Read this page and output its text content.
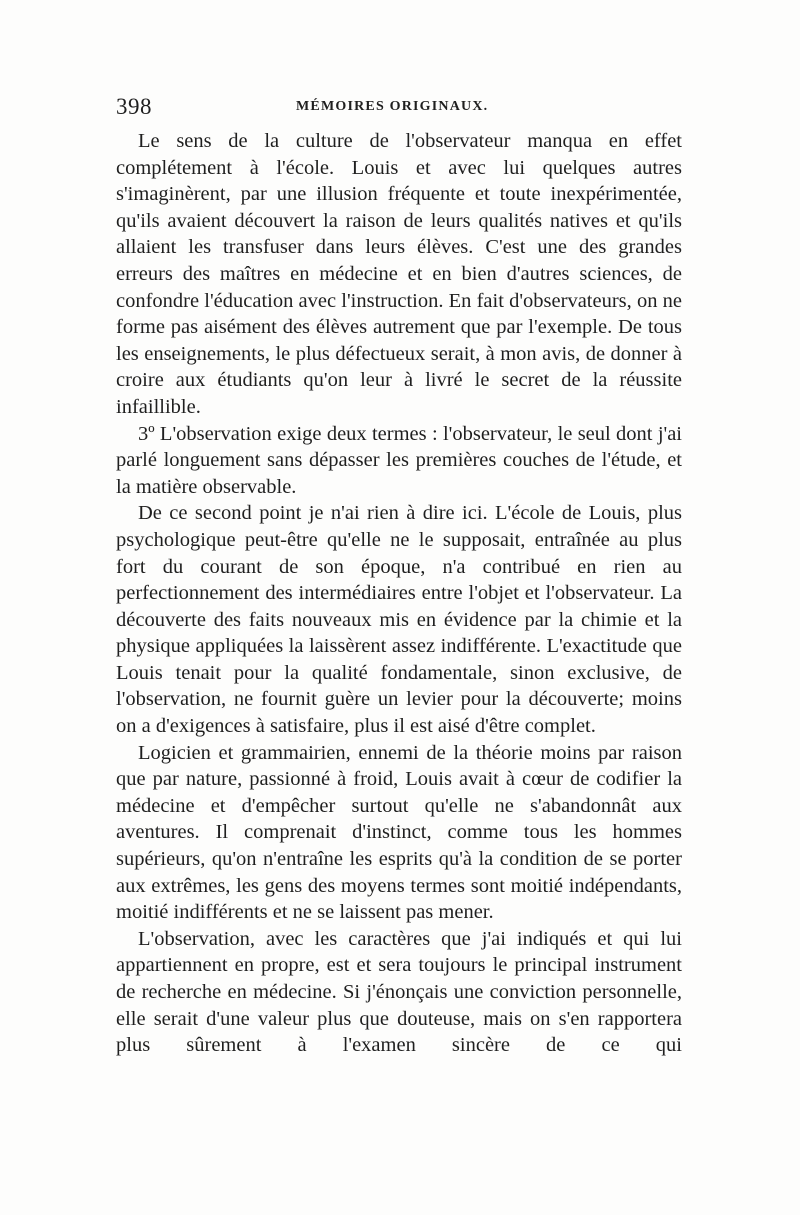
398	MÉMOIRES ORIGINAUX.

Le sens de la culture de l'observateur manqua en effet complétement à l'école. Louis et avec lui quelques autres s'imaginèrent, par une illusion fréquente et toute inexpérimentée, qu'ils avaient découvert la raison de leurs qualités natives et qu'ils allaient les transfuser dans leurs élèves. C'est une des grandes erreurs des maîtres en médecine et en bien d'autres sciences, de confondre l'éducation avec l'instruction. En fait d'observateurs, on ne forme pas aisément des élèves autrement que par l'exemple. De tous les enseignements, le plus défectueux serait, à mon avis, de donner à croire aux étudiants qu'on leur à livré le secret de la réussite infaillible.

3º L'observation exige deux termes : l'observateur, le seul dont j'ai parlé longuement sans dépasser les premières couches de l'étude, et la matière observable.

De ce second point je n'ai rien à dire ici. L'école de Louis, plus psychologique peut-être qu'elle ne le supposait, entraînée au plus fort du courant de son époque, n'a contribué en rien au perfectionnement des intermédiaires entre l'objet et l'observateur. La découverte des faits nouveaux mis en évidence par la chimie et la physique appliquées la laissèrent assez indifférente. L'exactitude que Louis tenait pour la qualité fondamentale, sinon exclusive, de l'observation, ne fournit guère un levier pour la découverte; moins on a d'exigences à satisfaire, plus il est aisé d'être complet.

Logicien et grammairien, ennemi de la théorie moins par raison que par nature, passionné à froid, Louis avait à cœur de codifier la médecine et d'empêcher surtout qu'elle ne s'abandonnât aux aventures. Il comprenait d'instinct, comme tous les hommes supérieurs, qu'on n'entraîne les esprits qu'à la condition de se porter aux extrêmes, les gens des moyens termes sont moitié indépendants, moitié indifférents et ne se laissent pas mener.

L'observation, avec les caractères que j'ai indiqués et qui lui appartiennent en propre, est et sera toujours le principal instrument de recherche en médecine. Si j'énonçais une conviction personnelle, elle serait d'une valeur plus que douteuse, mais on s'en rapportera plus sûrement à l'examen sincère de ce qui
